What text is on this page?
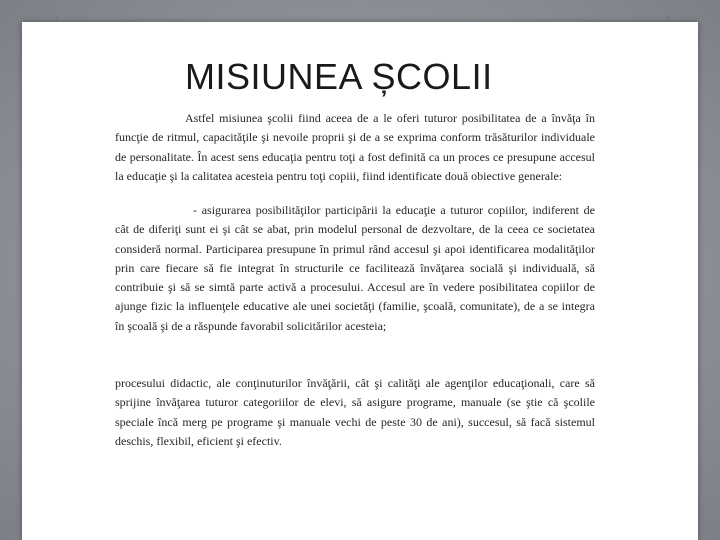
MISIUNEA ȘCOLII

Astfel misiunea şcolii fiind aceea de a le oferi tuturor posibilitatea de a învăţa în funcţie de ritmul, capacităţile şi nevoile proprii şi de a se exprima conform trăsăturilor individuale de personalitate. În acest sens educaţia pentru toţi a fost definită ca un proces ce presupune accesul la educaţie şi la calitatea acesteia pentru toţi copiii, fiind identificate două obiective generale:

- asigurarea posibilităţilor participării la educaţie a tuturor copiilor, indiferent de cât de diferiţi sunt ei şi cât se abat, prin modelul personal de dezvoltare, de la ceea ce societatea consideră normal. Participarea presupune în primul rând accesul şi apoi identificarea modalităţilor prin care fiecare să fie integrat în structurile ce facilitează învăţarea socială şi individuală, să contribuie şi să se simtă parte activă a procesului. Accesul are în vedere posibilitatea copiilor de ajunge fizic la influenţele educative ale unei societăţi (familie, şcoală, comunitate), de a se integra în şcoală şi de a răspunde favorabil solicitărilor acesteia;

procesului didactic, ale conţinuturilor învăţării, cât şi calităţi ale agenţilor educaţionali, care să sprijine învăţarea tuturor categoriilor de elevi, să asigure programe, manuale (se ştie că şcolile speciale încă merg pe programe şi manuale vechi de peste 30 de ani), succesul, să facă sistemul deschis, flexibil, eficient şi efectiv.
